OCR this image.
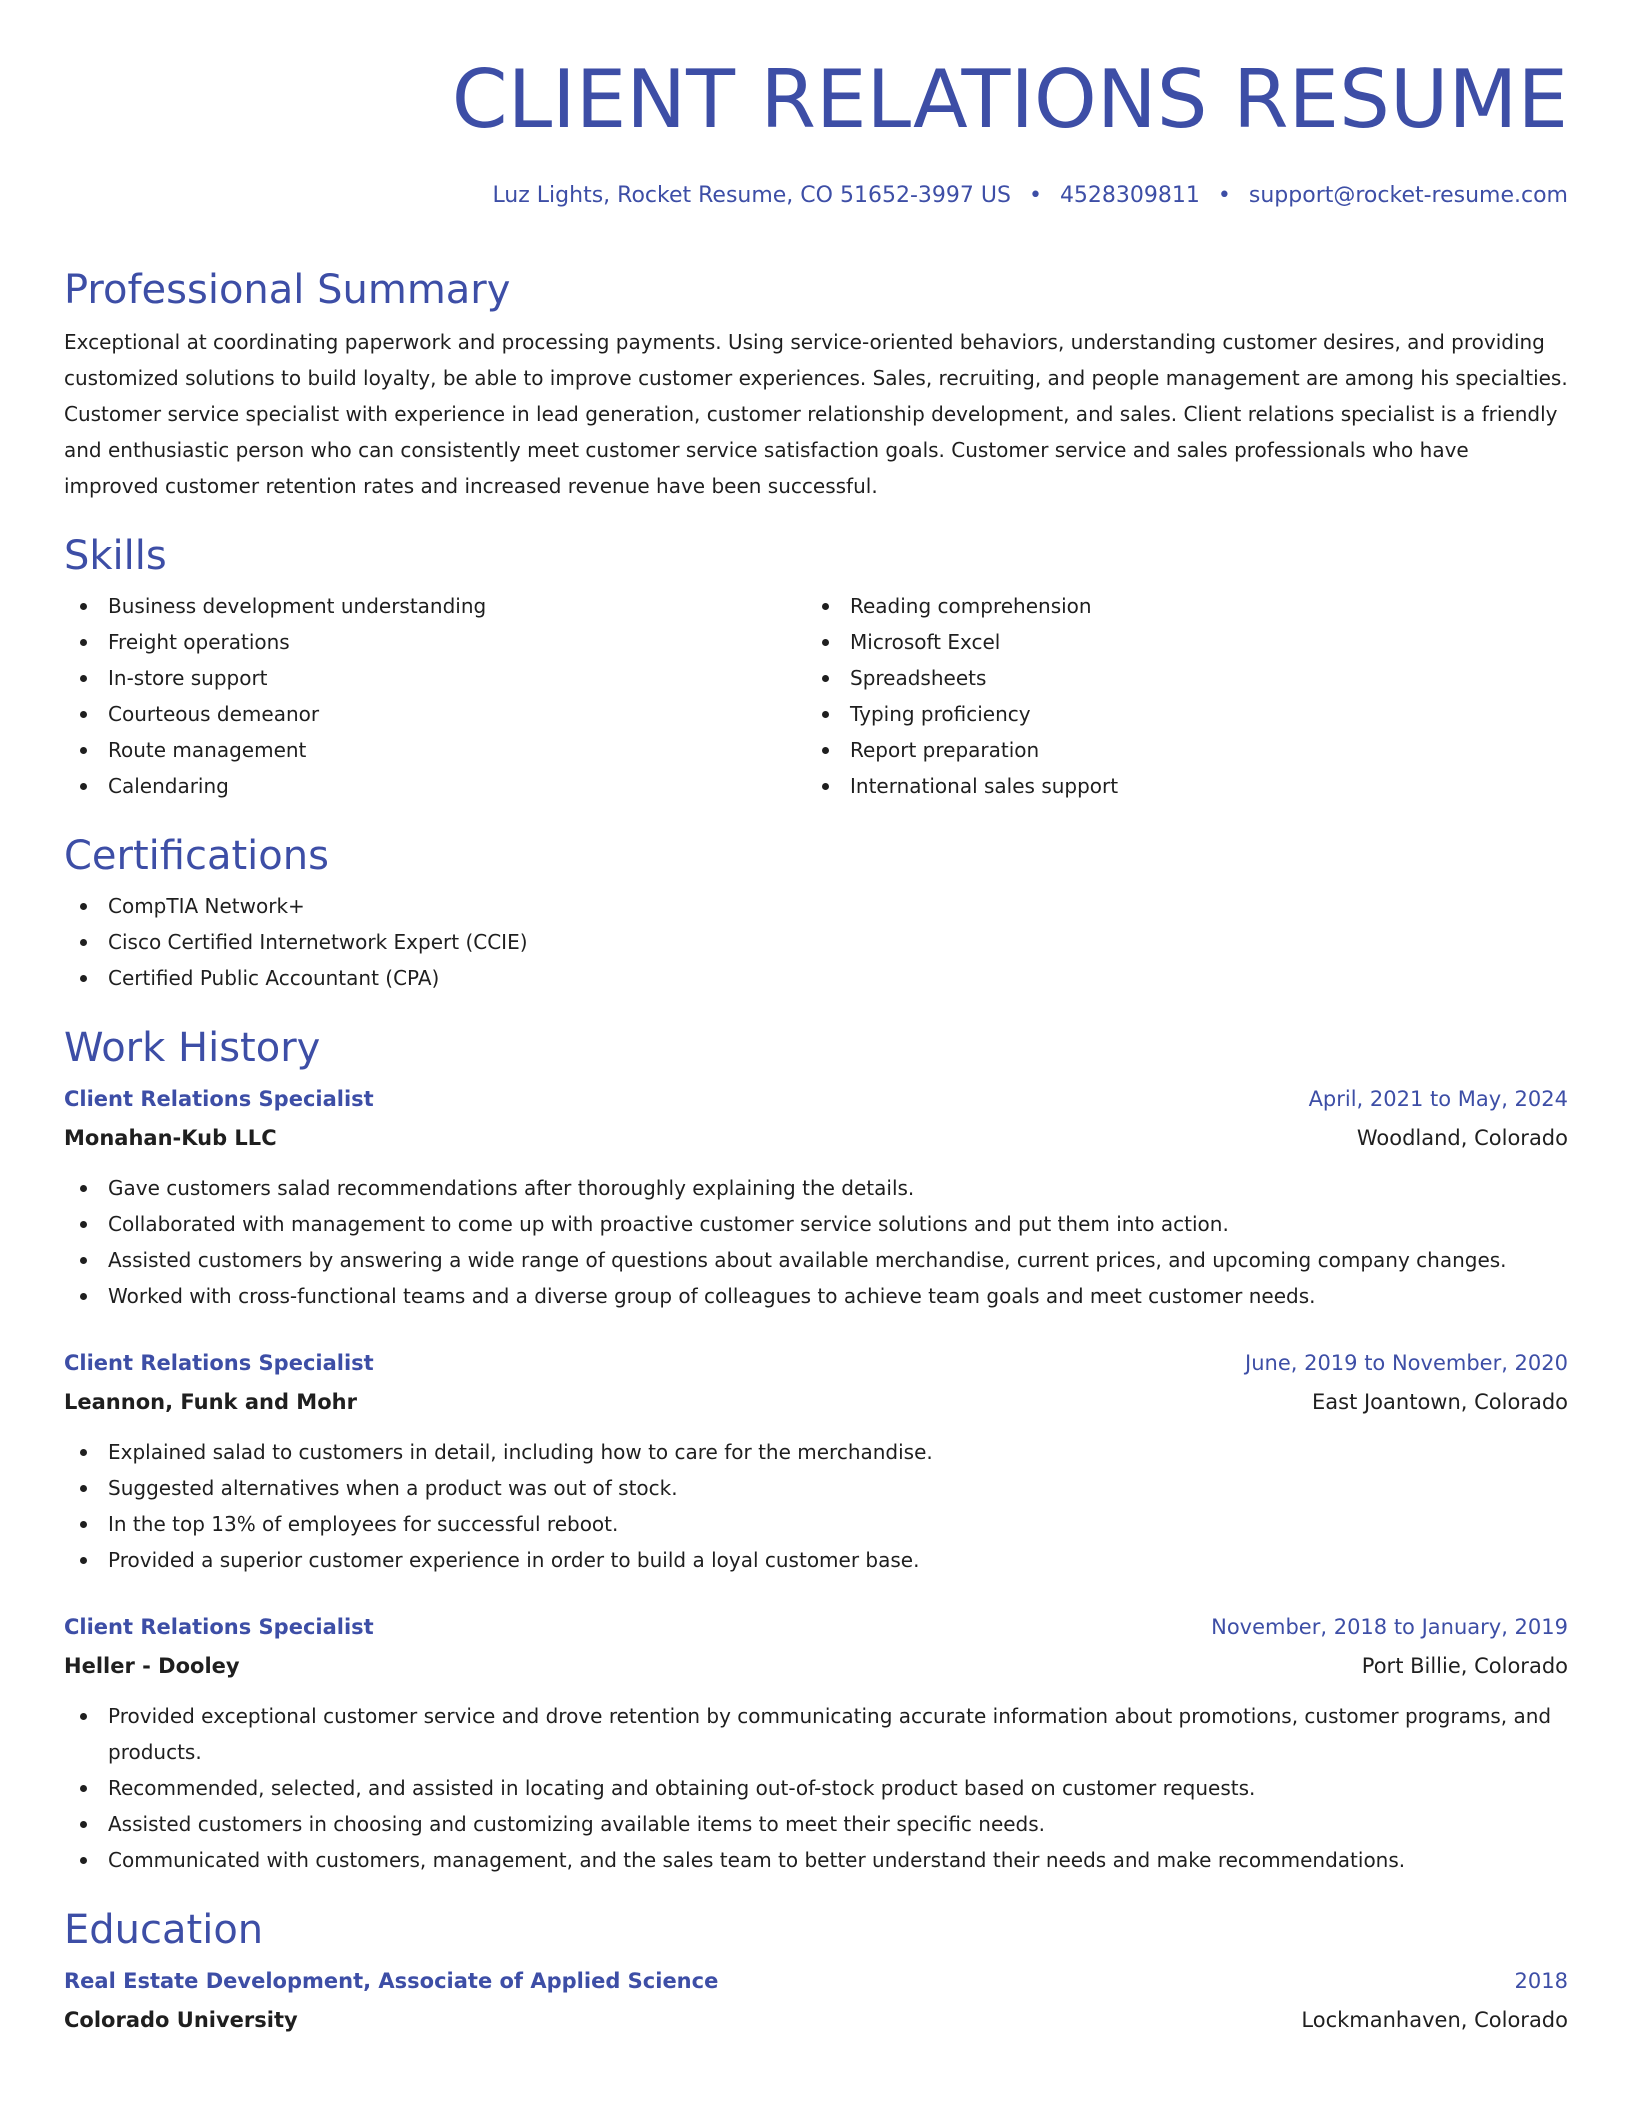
CLIENT RELATIONS RESUME
Luz Lights, Rocket Resume, CO 51652-3997 US • 4528309811 • support@rocket-resume.com
Professional Summary

Exceptional at coordinating paperwork and processing payments. Using service-oriented behaviors, understanding customer desires, and providing customized solutions to build loyalty, be able to improve customer experiences. Sales, recruiting, and people management are among his specialties. Customer service specialist with experience in lead generation, customer relationship development, and sales. Client relations specialist is a friendly and enthusiastic person who can consistently meet customer service satisfaction goals. Customer service and sales professionals who have improved customer retention rates and increased revenue have been successful.

Skills
Business development understanding
Freight operations
In-store support
Courteous demeanor
Route management
Calendaring
Reading comprehension
Microsoft Excel
Spreadsheets
Typing proficiency
Report preparation
International sales support
Certifications
CompTIA Network+
Cisco Certified Internetwork Expert (CCIE)
Certified Public Accountant (CPA)
Work History
Client Relations Specialist	April, 2021 to May, 2024
Monahan-Kub LLC	Woodland, Colorado
Gave customers salad recommendations after thoroughly explaining the details.
Collaborated with management to come up with proactive customer service solutions and put them into action.
Assisted customers by answering a wide range of questions about available merchandise, current prices, and upcoming company changes.
Worked with cross-functional teams and a diverse group of colleagues to achieve team goals and meet customer needs.
Client Relations Specialist	June, 2019 to November, 2020
Leannon, Funk and Mohr	East Joantown, Colorado
Explained salad to customers in detail, including how to care for the merchandise.
Suggested alternatives when a product was out of stock.
In the top 13% of employees for successful reboot.
Provided a superior customer experience in order to build a loyal customer base.
Client Relations Specialist	November, 2018 to January, 2019
Heller - Dooley	Port Billie, Colorado
Provided exceptional customer service and drove retention by communicating accurate information about promotions, customer programs, and products.
Recommended, selected, and assisted in locating and obtaining out-of-stock product based on customer requests.
Assisted customers in choosing and customizing available items to meet their specific needs.
Communicated with customers, management, and the sales team to better understand their needs and make recommendations.
Education
Real Estate Development, Associate of Applied Science	2018
Colorado University	Lockmanhaven, Colorado
